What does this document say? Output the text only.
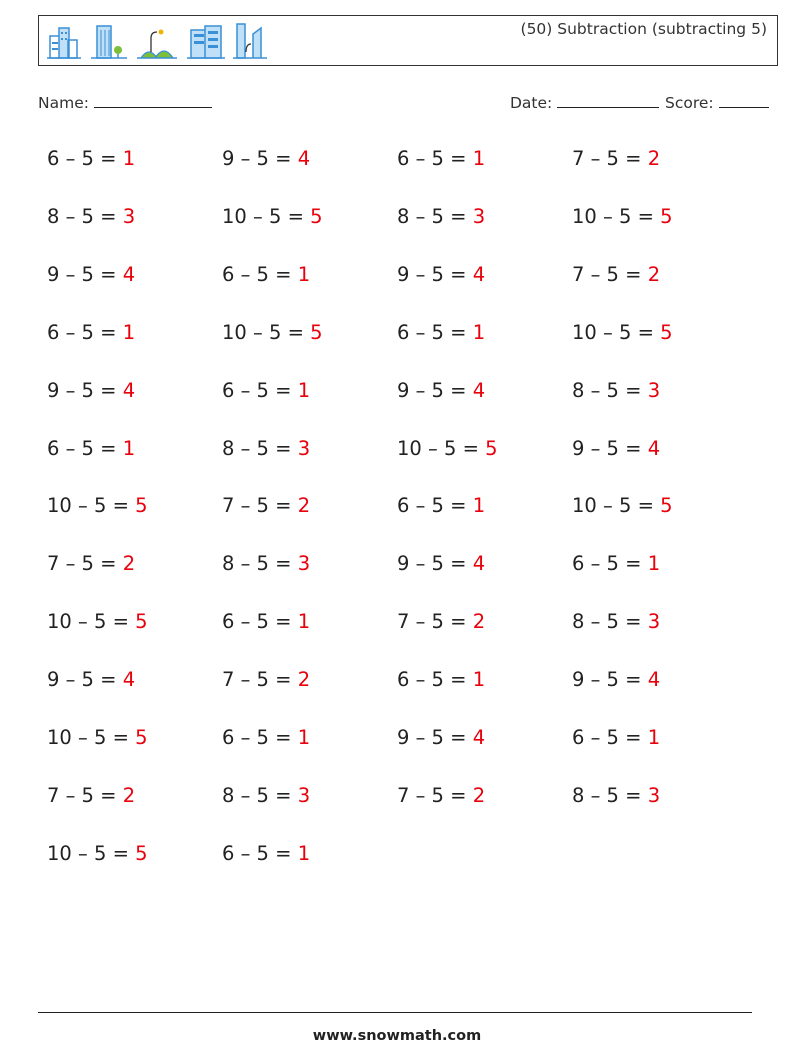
(50) Subtraction (subtracting 5)
Name:	Date:	Score:
6 – 5 = 1	9 – 5 = 4	6 – 5 = 1	7 – 5 = 2
8 – 5 = 3	10 – 5 = 5	8 – 5 = 3	10 – 5 = 5
9 – 5 = 4	6 – 5 = 1	9 – 5 = 4	7 – 5 = 2
6 – 5 = 1	10 – 5 = 5	6 – 5 = 1	10 – 5 = 5
9 – 5 = 4	6 – 5 = 1	9 – 5 = 4	8 – 5 = 3
6 – 5 = 1	8 – 5 = 3	10 – 5 = 5	9 – 5 = 4
10 – 5 = 5	7 – 5 = 2	6 – 5 = 1	10 – 5 = 5
7 – 5 = 2	8 – 5 = 3	9 – 5 = 4	6 – 5 = 1
10 – 5 = 5	6 – 5 = 1	7 – 5 = 2	8 – 5 = 3
9 – 5 = 4	7 – 5 = 2	6 – 5 = 1	9 – 5 = 4
10 – 5 = 5	6 – 5 = 1	9 – 5 = 4	6 – 5 = 1
7 – 5 = 2	8 – 5 = 3	7 – 5 = 2	8 – 5 = 3
10 – 5 = 5	6 – 5 = 1
www.snowmath.com
